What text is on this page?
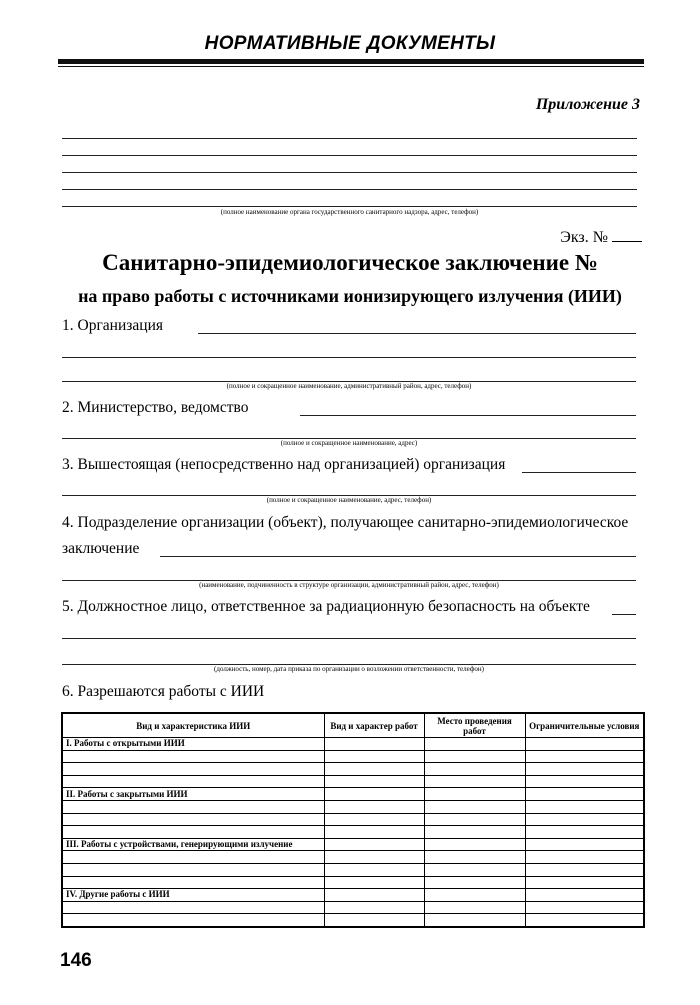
НОРМАТИВНЫЕ ДОКУМЕНТЫ
Приложение 3
(полное наименование органа государственного санитарного надзора, адрес, телефон)
Экз. №
Санитарно-эпидемиологическое заключение №
на право работы с источниками ионизирующего излучения (ИИИ)
1. Организация
(полное и сокращенное наименование, административный район, адрес, телефон)
2. Министерство, ведомство
(полное и сокращенное наименование, адрес)
3. Вышестоящая (непосредственно над организацией) организация
(полное и сокращенное наименование, адрес, телефон)
4. Подразделение организации (объект), получающее санитарно-эпидемиологическое
заключение
(наименование, подчиненность в структуре организации, административный район, адрес, телефон)
5. Должностное лицо, ответственное за радиационную безопасность на объекте
(должность, номер, дата приказа по организации о возложении ответственности, телефон)
6. Разрешаются работы с ИИИ
Вид и характеристика ИИИ	Вид и характер работ	Место проведения работ	Ограничительные условия
I. Работы с открытыми ИИИ			

II. Работы с закрытыми ИИИ			

III. Работы с устройствами, генерирующими излучение			

IV. Другие работы с ИИИ			

146
